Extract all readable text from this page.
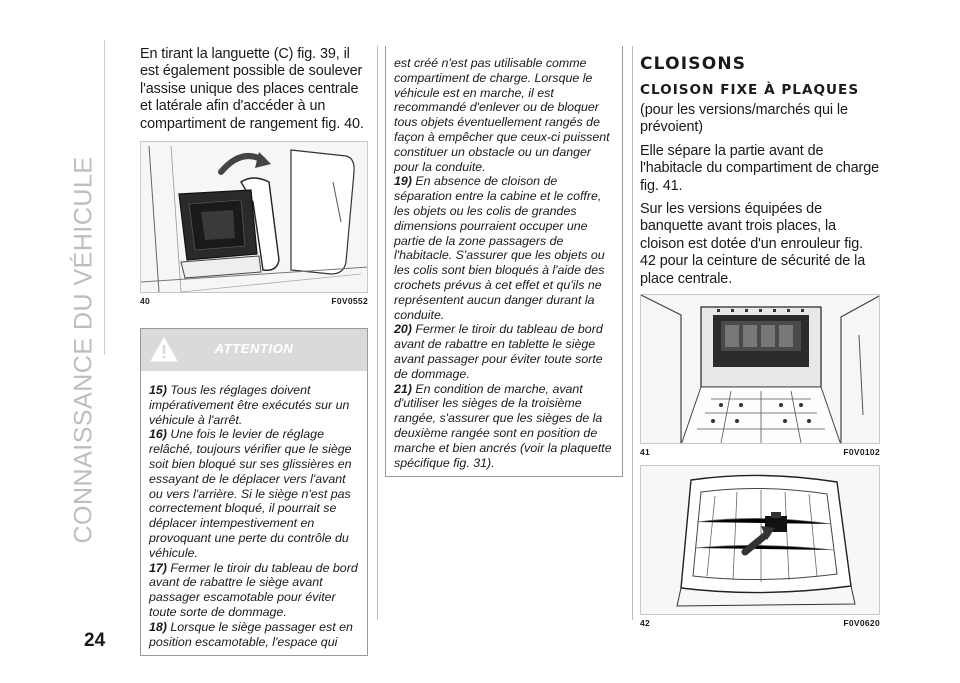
CONNAISSANCE DU VÉHICULE

En tirant la languette (C) fig. 39, il est également possible de soulever l'assise unique des places centrale et latérale afin d'accéder à un compartiment de rangement fig. 40.

40	F0V0552
ATTENTION

15) Tous les réglages doivent impérativement être exécutés sur un véhicule à l'arrêt.

16) Une fois le levier de réglage relâché, toujours vérifier que le siège soit bien bloqué sur ses glissières en essayant de le déplacer vers l'avant ou vers l'arrière. Si le siège n'est pas correctement bloqué, il pourrait se déplacer intempestivement en provoquant une perte du contrôle du véhicule.

17) Fermer le tiroir du tableau de bord avant de rabattre le siège avant passager escamotable pour éviter toute sorte de dommage.

18) Lorsque le siège passager est en position escamotable, l'espace qui

est créé n'est pas utilisable comme compartiment de charge. Lorsque le véhicule est en marche, il est recommandé d'enlever ou de bloquer tous objets éventuellement rangés de façon à empêcher que ceux-ci puissent constituer un obstacle ou un danger pour la conduite.

19) En absence de cloison de séparation entre la cabine et le coffre, les objets ou les colis de grandes dimensions pourraient occuper une partie de la zone passagers de l'habitacle. S'assurer que les objets ou les colis sont bien bloqués à l'aide des crochets prévus à cet effet et qu'ils ne représentent aucun danger durant la conduite.

20) Fermer le tiroir du tableau de bord avant de rabattre en tablette le siège avant passager pour éviter toute sorte de dommage.

21) En condition de marche, avant d'utiliser les sièges de la troisième rangée, s'assurer que les sièges de la deuxième rangée sont en position de marche et bien ancrés (voir la plaquette spécifique fig. 31).

CLOISONS
CLOISON FIXE À PLAQUES

(pour les versions/marchés qui le prévoient)

Elle sépare la partie avant de l'habitacle du compartiment de charge fig. 41.

Sur les versions équipées de banquette avant trois places, la cloison est dotée d'un enrouleur fig. 42 pour la ceinture de sécurité de la place centrale.

41	F0V0102
42	F0V0620
24
